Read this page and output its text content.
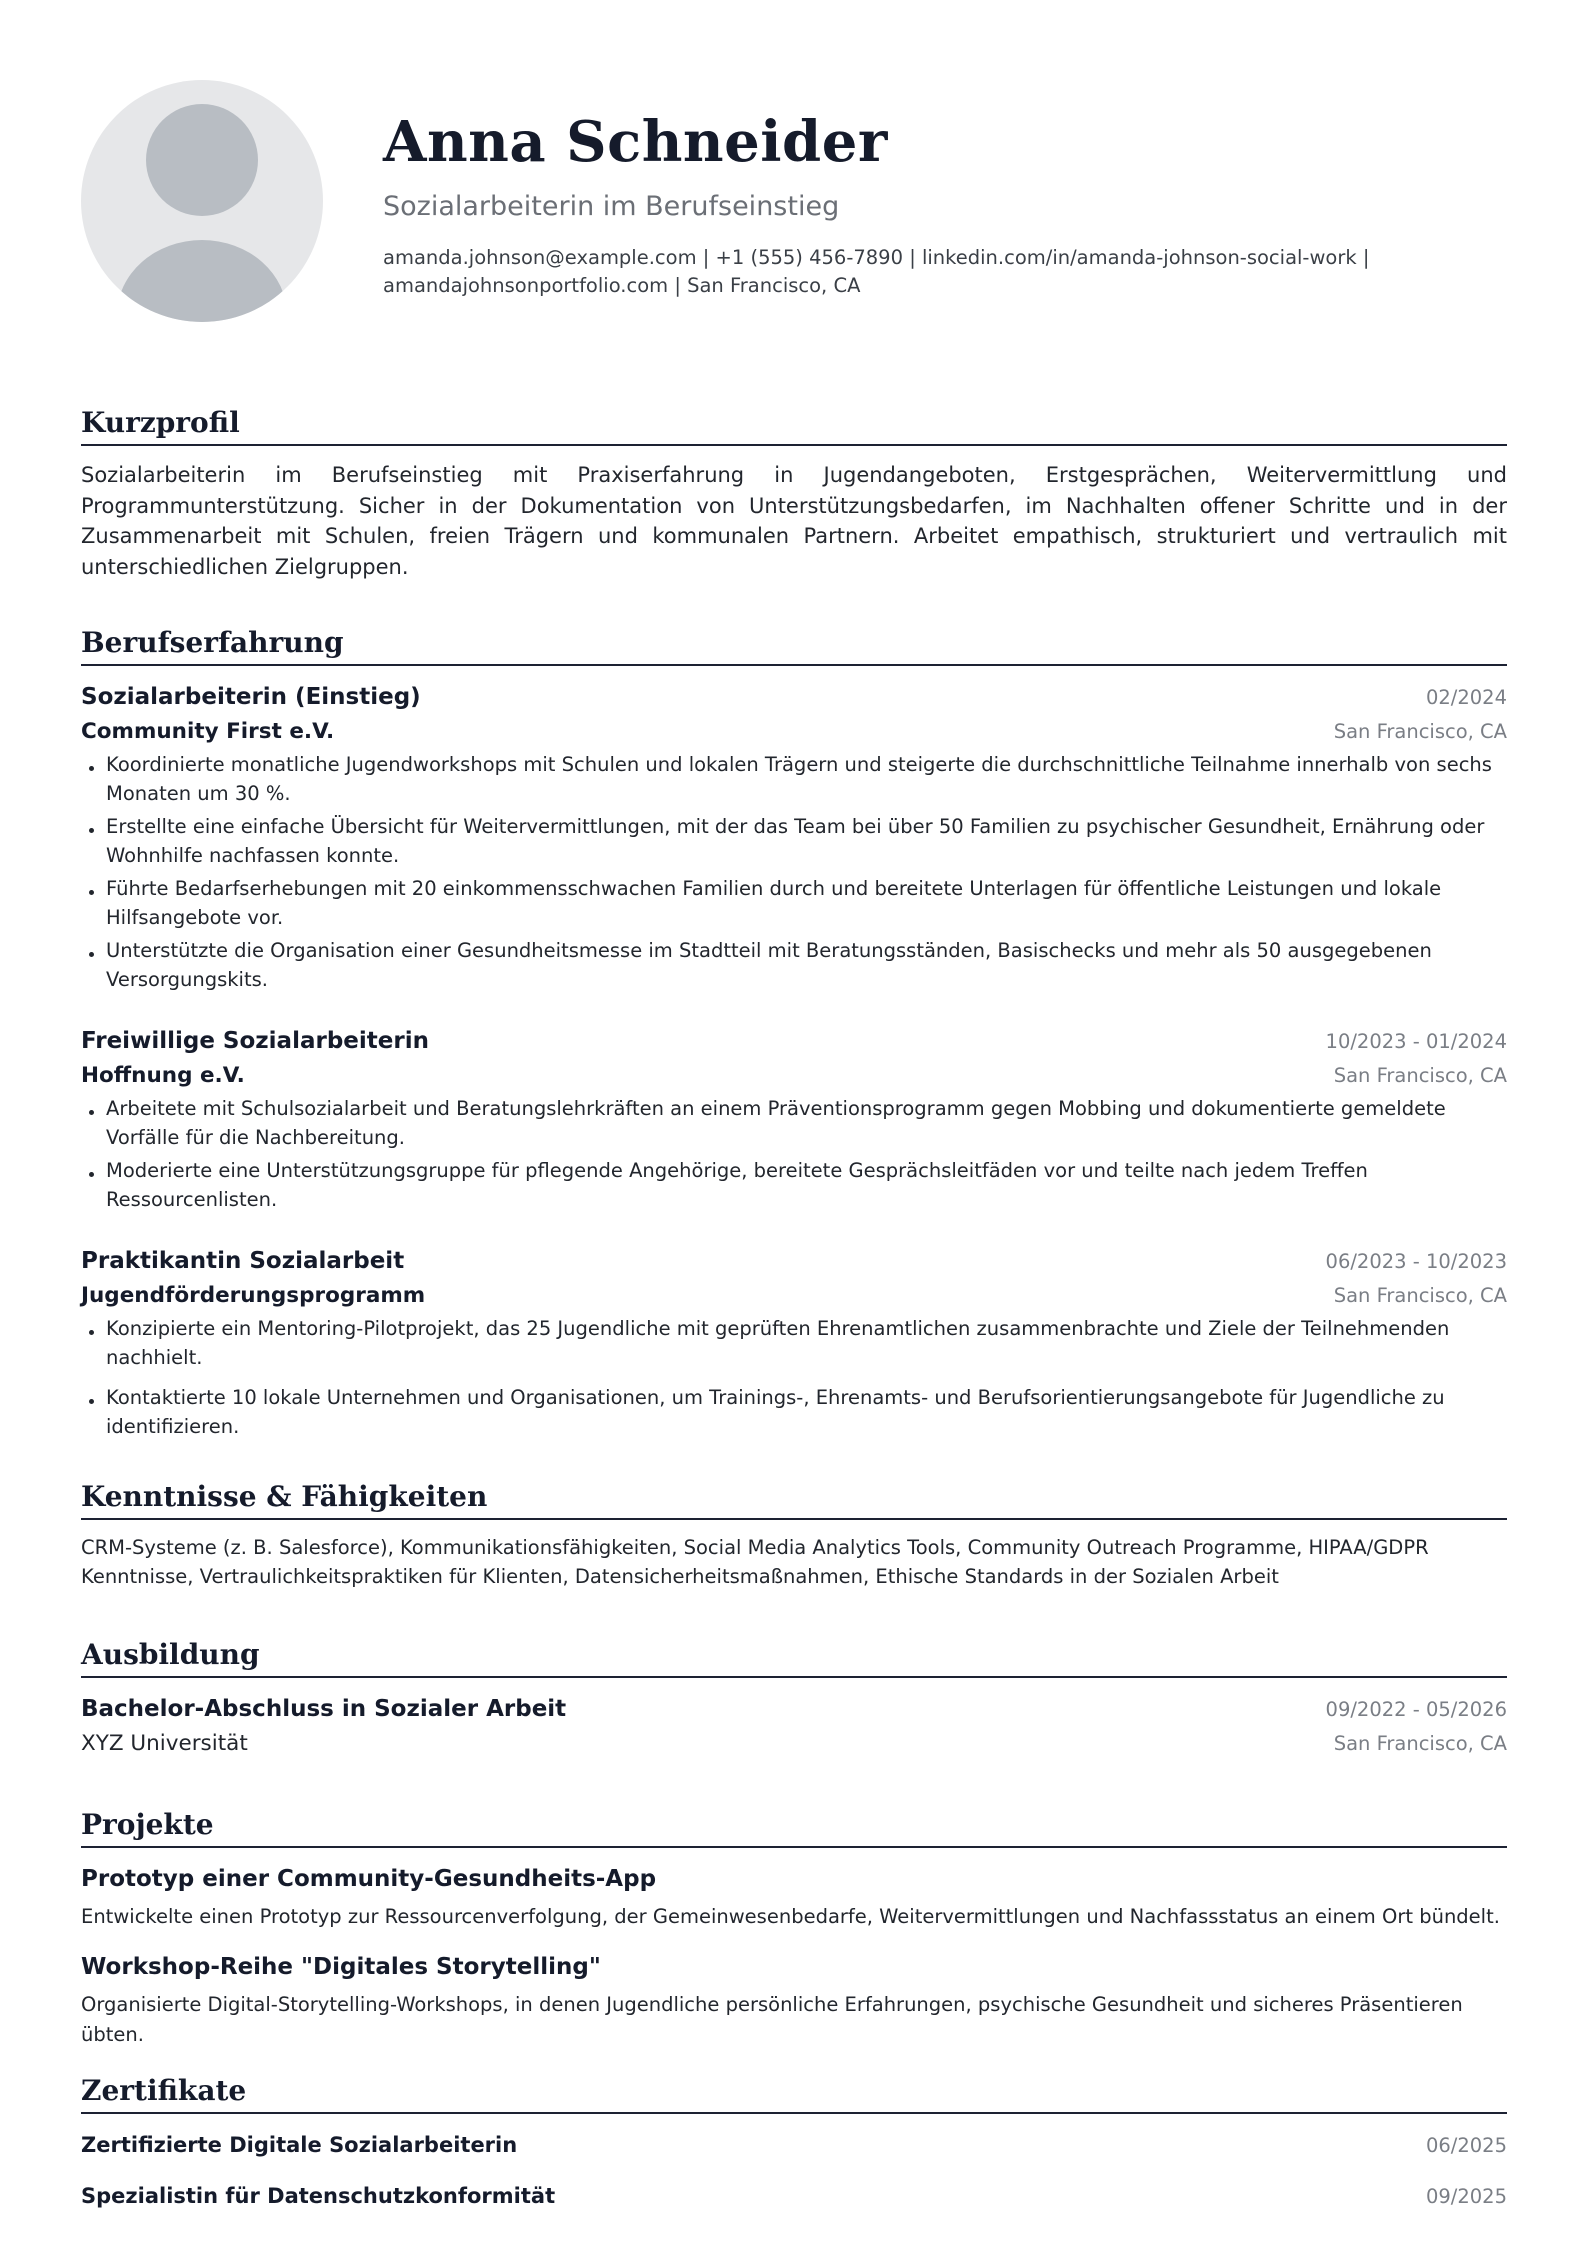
Anna Schneider
Sozialarbeiterin im Berufseinstieg
amanda.johnson@example.com | +1 (555) 456-7890 | linkedin.com/in/amanda-johnson-social-work |
amandajohnsonportfolio.com | San Francisco, CA
Kurzprofil
Sozialarbeiterin im Berufseinstieg mit Praxiserfahrung in Jugendangeboten, Erstgesprächen, Weitervermittlung und Programmunterstützung. Sicher in der Dokumentation von Unterstützungsbedarfen, im Nachhalten offener Schritte und in der Zusammenarbeit mit Schulen, freien Trägern und kommunalen Partnern. Arbeitet empathisch, strukturiert und vertraulich mit unterschiedlichen Zielgruppen.
Berufserfahrung
Sozialarbeiterin (Einstieg)	02/2024
Community First e.V.	San Francisco, CA
Koordinierte monatliche Jugendworkshops mit Schulen und lokalen Trägern und steigerte die durchschnittliche Teilnahme innerhalb von sechs Monaten um 30 %.
Erstellte eine einfache Übersicht für Weitervermittlungen, mit der das Team bei über 50 Familien zu psychischer Gesundheit, Ernährung oder Wohnhilfe nachfassen konnte.
Führte Bedarfserhebungen mit 20 einkommensschwachen Familien durch und bereitete Unterlagen für öffentliche Leistungen und lokale Hilfsangebote vor.
Unterstützte die Organisation einer Gesundheitsmesse im Stadtteil mit Beratungsständen, Basischecks und mehr als 50 ausgegebenen Versorgungskits.
Freiwillige Sozialarbeiterin	10/2023 - 01/2024
Hoffnung e.V.	San Francisco, CA
Arbeitete mit Schulsozialarbeit und Beratungslehrkräften an einem Präventionsprogramm gegen Mobbing und dokumentierte gemeldete Vorfälle für die Nachbereitung.
Moderierte eine Unterstützungsgruppe für pflegende Angehörige, bereitete Gesprächsleitfäden vor und teilte nach jedem Treffen Ressourcenlisten.
Praktikantin Sozialarbeit	06/2023 - 10/2023
Jugendförderungsprogramm	San Francisco, CA
Konzipierte ein Mentoring-Pilotprojekt, das 25 Jugendliche mit geprüften Ehrenamtlichen zusammenbrachte und Ziele der Teilnehmenden nachhielt.
Kontaktierte 10 lokale Unternehmen und Organisationen, um Trainings-, Ehrenamts- und Berufsorientierungsangebote für Jugendliche zu identifizieren.
Kenntnisse & Fähigkeiten
CRM-Systeme (z. B. Salesforce), Kommunikationsfähigkeiten, Social Media Analytics Tools, Community Outreach Programme, HIPAA/GDPR Kenntnisse, Vertraulichkeitspraktiken für Klienten, Datensicherheitsmaßnahmen, Ethische Standards in der Sozialen Arbeit
Ausbildung
Bachelor-Abschluss in Sozialer Arbeit	09/2022 - 05/2026
XYZ Universität	San Francisco, CA
Projekte
Prototyp einer Community-Gesundheits-App
Entwickelte einen Prototyp zur Ressourcenverfolgung, der Gemeinwesenbedarfe, Weitervermittlungen und Nachfassstatus an einem Ort bündelt.
Workshop-Reihe "Digitales Storytelling"
Organisierte Digital-Storytelling-Workshops, in denen Jugendliche persönliche Erfahrungen, psychische Gesundheit und sicheres Präsentieren übten.
Zertifikate
Zertifizierte Digitale Sozialarbeiterin	06/2025
Spezialistin für Datenschutzkonformität	09/2025
